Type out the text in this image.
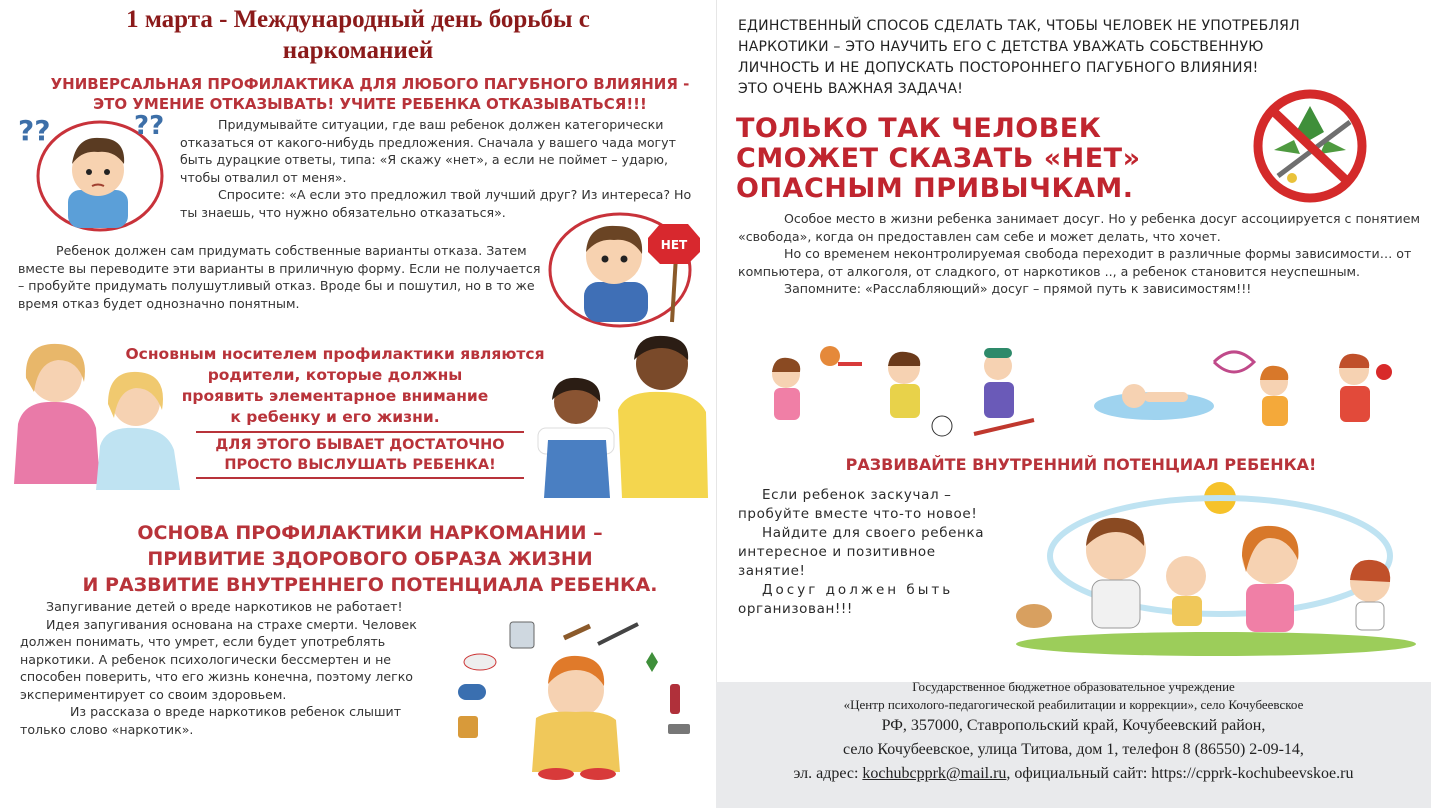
1 марта - Международный день борьбы с
наркоманией
УНИВЕРСАЛЬНАЯ ПРОФИЛАКТИКА ДЛЯ ЛЮБОГО ПАГУБНОГО ВЛИЯНИЯ -
ЭТО УМЕНИЕ ОТКАЗЫВАТЬ! УЧИТЕ РЕБЕНКА ОТКАЗЫВАТЬСЯ!!!
??	??	Придумывайте ситуации, где ваш ребенок должен категорически отказаться от какого-нибудь предложения. Сначала у вашего чада могут быть дурацкие ответы, типа: «Я скажу «нет», а если не поймет – ударю, чтобы отвалил от меня».
Спросите: «А если это предложил твой лучший друг? Из интереса? Но ты знаешь, что нужно обязательно отказаться».
Ребенок должен сам придумать собственные варианты отказа. Затем вместе вы переводите эти варианты в приличную форму. Если не получается – пробуйте придумать полушутливый отказ. Вроде бы и пошутил, но в то же время отказ будет однозначно понятным.
НЕТ
Основным носителем профилактики являются
родители, которые должны
проявить элементарное внимание
к ребенку и его жизни.
ДЛЯ ЭТОГО БЫВАЕТ ДОСТАТОЧНО
ПРОСТО ВЫСЛУШАТЬ РЕБЕНКА!
ОСНОВА ПРОФИЛАКТИКИ НАРКОМАНИИ –
ПРИВИТИЕ ЗДОРОВОГО ОБРАЗА ЖИЗНИ
И РАЗВИТИЕ ВНУТРЕННЕГО ПОТЕНЦИАЛА РЕБЕНКА.
Запугивание детей о вреде наркотиков не работает!
Идея запугивания основана на страхе смерти. Человек должен понимать, что умрет, если будет употреблять наркотики. А ребенок психологически бессмертен и не способен поверить, что его жизнь конечна, поэтому легко экспериментирует со своим здоровьем.
Из рассказа о вреде наркотиков ребенок слышит только слово «наркотик».
ЕДИНСТВЕННЫЙ СПОСОБ СДЕЛАТЬ ТАК, ЧТОБЫ ЧЕЛОВЕК НЕ УПОТРЕБЛЯЛ
НАРКОТИКИ – ЭТО НАУЧИТЬ ЕГО С ДЕТСТВА УВАЖАТЬ СОБСТВЕННУЮ
ЛИЧНОСТЬ И НЕ ДОПУСКАТЬ ПОСТОРОННЕГО ПАГУБНОГО ВЛИЯНИЯ!
ЭТО ОЧЕНЬ ВАЖНАЯ ЗАДАЧА!
ТОЛЬКО ТАК ЧЕЛОВЕК
СМОЖЕТ СКАЗАТЬ «НЕТ»
ОПАСНЫМ ПРИВЫЧКАМ.
Особое место в жизни ребенка занимает досуг. Но у ребенка досуг ассоциируется с понятием «свобода», когда он предоставлен сам себе и может делать, что хочет.
Но со временем неконтролируемая свобода переходит в различные формы зависимости… от компьютера, от алкоголя, от сладкого, от наркотиков .., а ребенок становится неуспешным.
Запомните: «Расслабляющий» досуг – прямой путь к зависимостям!!!
РАЗВИВАЙТЕ ВНУТРЕННИЙ ПОТЕНЦИАЛ РЕБЕНКА!
Если ребенок заскучал –
пробуйте вместе что-то новое!
Найдите для своего ребенка
интересное и позитивное
занятие!
Досуг должен быть
организован!!!
Государственное бюджетное образовательное учреждение
«Центр психолого-педагогической реабилитации и коррекции», село Кочубеевское
РФ, 357000, Ставропольский край, Кочубеевский район,
село Кочубеевское, улица Титова, дом 1, телефон 8 (86550) 2-09-14,
эл. адрес: kochubcpprk@mail.ru, официальный сайт: https://cpprk-kochubeevskoe.ru
